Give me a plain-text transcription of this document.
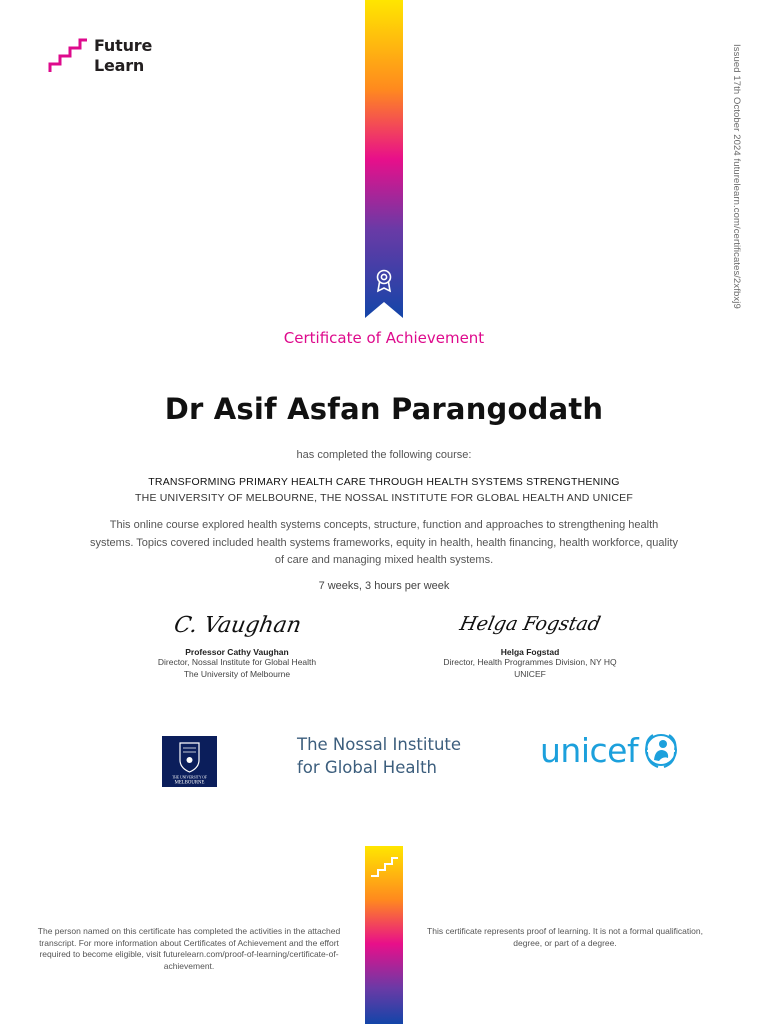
Future
Learn	Issued 17th October 2024 futurelearn.com/certificates/2xfbxj9
Certificate of Achievement
Dr Asif Asfan Parangodath
has completed the following course:
TRANSFORMING PRIMARY HEALTH CARE THROUGH HEALTH SYSTEMS STRENGTHENING
THE UNIVERSITY OF MELBOURNE, THE NOSSAL INSTITUTE FOR GLOBAL HEALTH AND UNICEF
This online course explored health systems concepts, structure, function and approaches to strengthening health systems. Topics covered included health systems frameworks, equity in health, health financing, health workforce, quality of care and managing mixed health systems.
7 weeks, 3 hours per week
C. Vaughan
Professor Cathy Vaughan
Director, Nossal Institute for Global Health
The University of Melbourne
Helga Fogstad
Helga Fogstad
Director, Health Programmes Division, NY HQ
UNICEF
THE UNIVERSITY OF
MELBOURNE
The Nossal Institute
for Global Health	unicef
The person named on this certificate has completed the activities in the attached transcript. For more information about Certificates of Achievement and the effort required to become eligible, visit futurelearn.com/proof-of-learning/certificate-of-achievement.
This certificate represents proof of learning. It is not a formal qualification, degree, or part of a degree.
